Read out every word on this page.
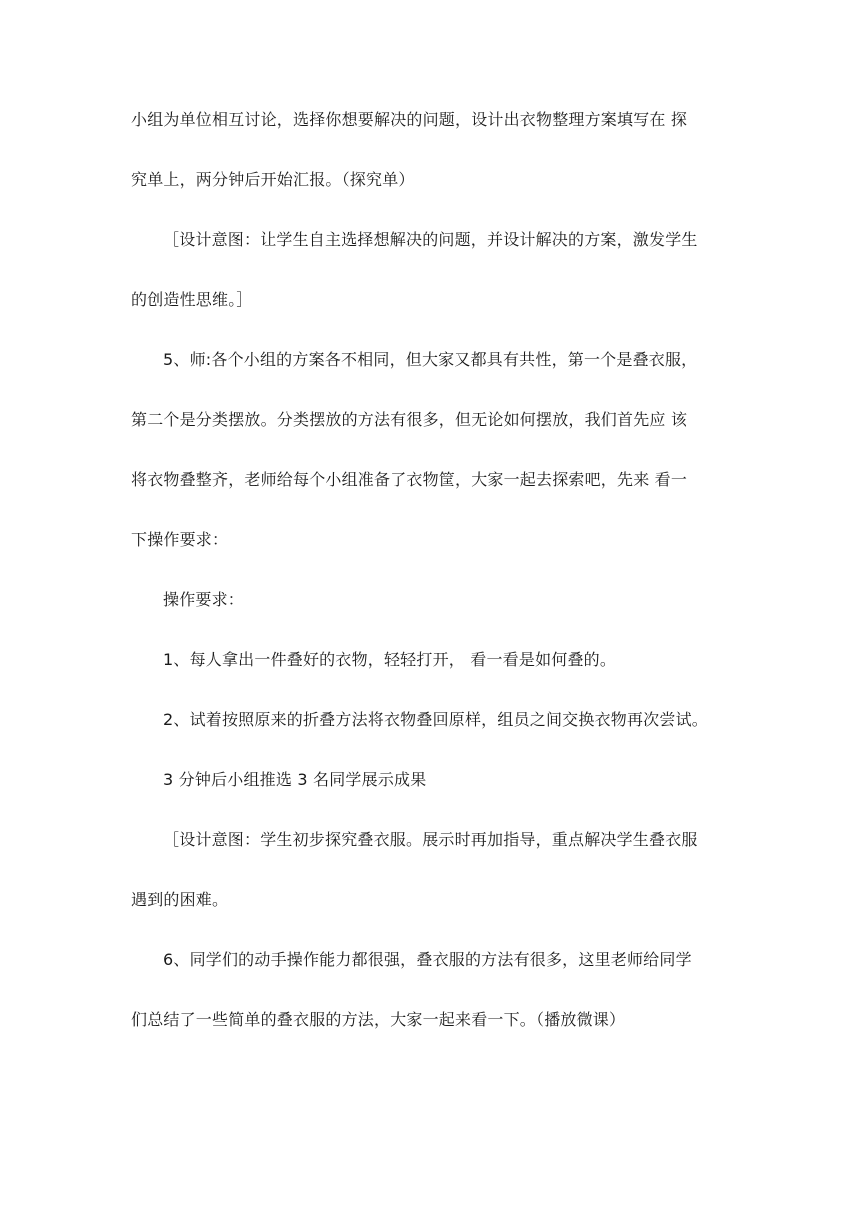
小组为单位相互讨论，选择你想要解决的问题，设计出衣物整理方案填写在 探
究单上，两分钟后开始汇报。（探究单）
［设计意图：让学生自主选择想解决的问题，并设计解决的方案，激发学生
的创造性思维。］
5、师:各个小组的方案各不相同，但大家又都具有共性，第一个是叠衣服，
第二个是分类摆放。分类摆放的方法有很多，但无论如何摆放，我们首先应 该
将衣物叠整齐，老师给每个小组准备了衣物筐，大家一起去探索吧，先来 看一
下操作要求：
操作要求：
1、每人拿出一件叠好的衣物，轻轻打开， 看一看是如何叠的。
2、试着按照原来的折叠方法将衣物叠回原样，组员之间交换衣物再次尝试。
3 分钟后小组推选 3 名同学展示成果
［设计意图：学生初步探究叠衣服。展示时再加指导，重点解决学生叠衣服
遇到的困难。
6、同学们的动手操作能力都很强，叠衣服的方法有很多，这里老师给同学
们总结了一些简单的叠衣服的方法，大家一起来看一下。（播放微课）
